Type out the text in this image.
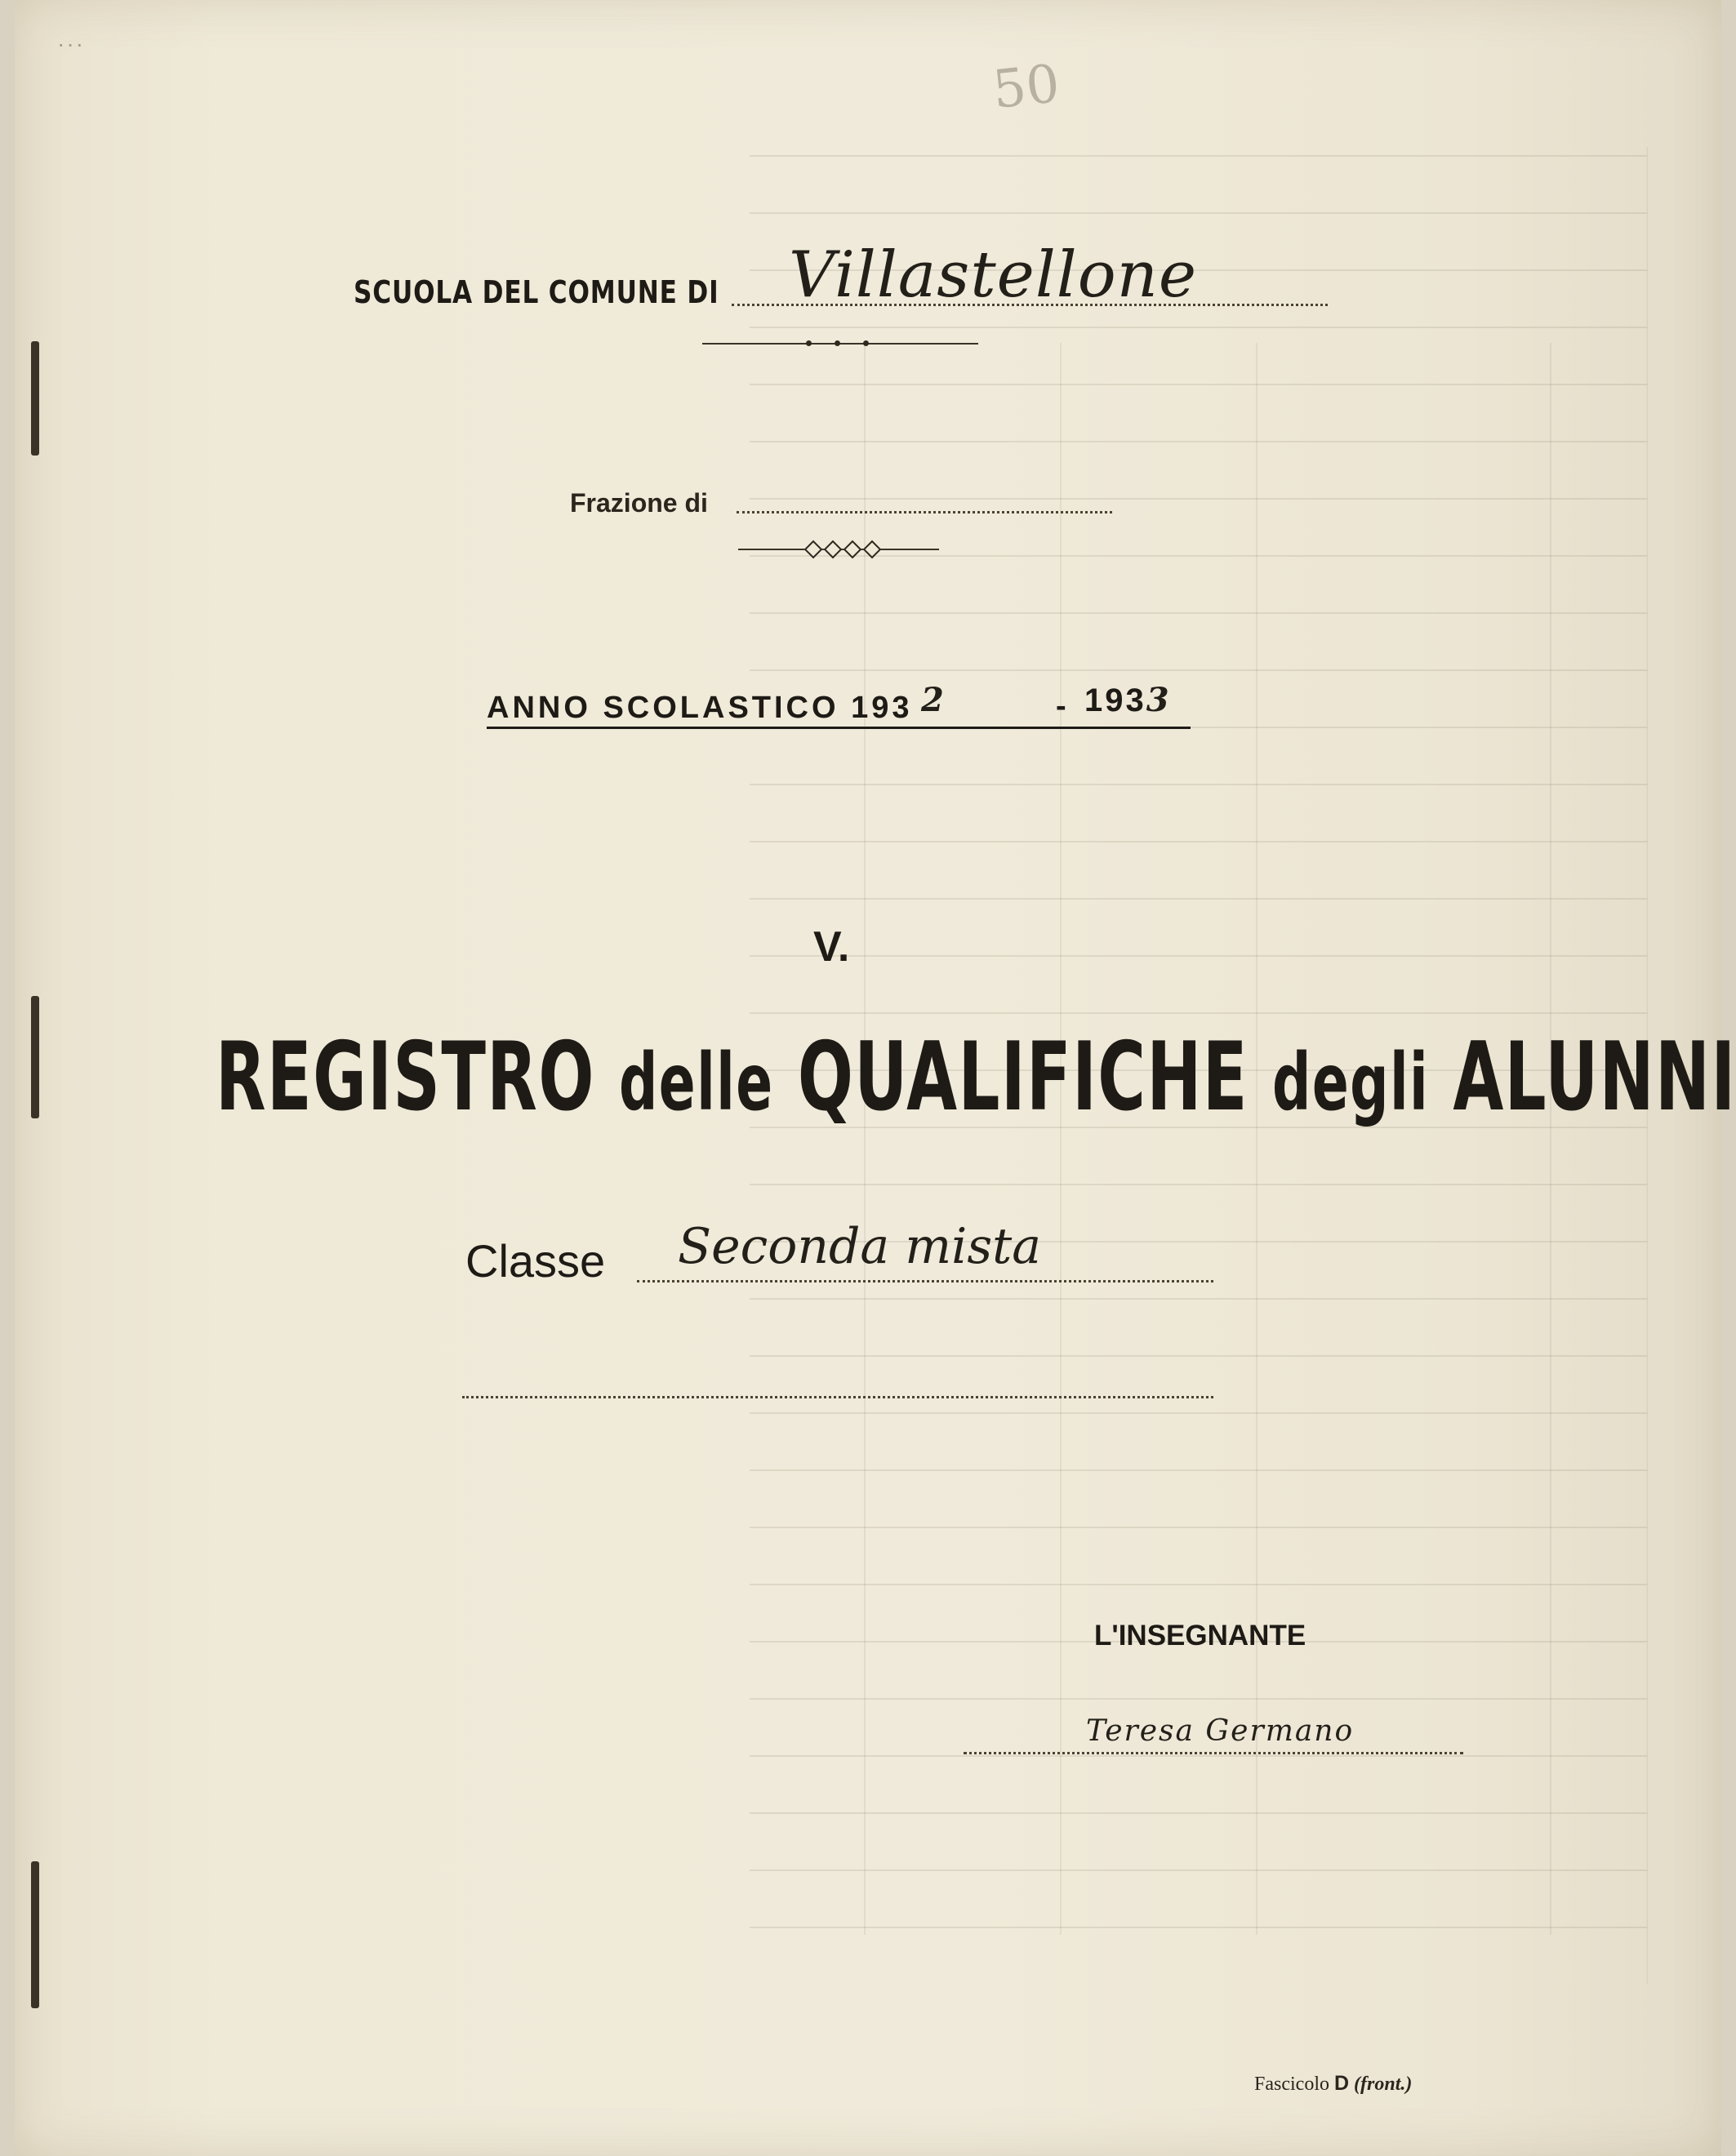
···
50
SCUOLA DEL COMUNE DI Villastellone
Frazione di
ANNO SCOLASTICO 193 2	- 1933
V.
REGISTRO delle QUALIFICHE degli ALUNNI
Classe Seconda mista
L'INSEGNANTE
Teresa Germano
Fascicolo D (front.)
